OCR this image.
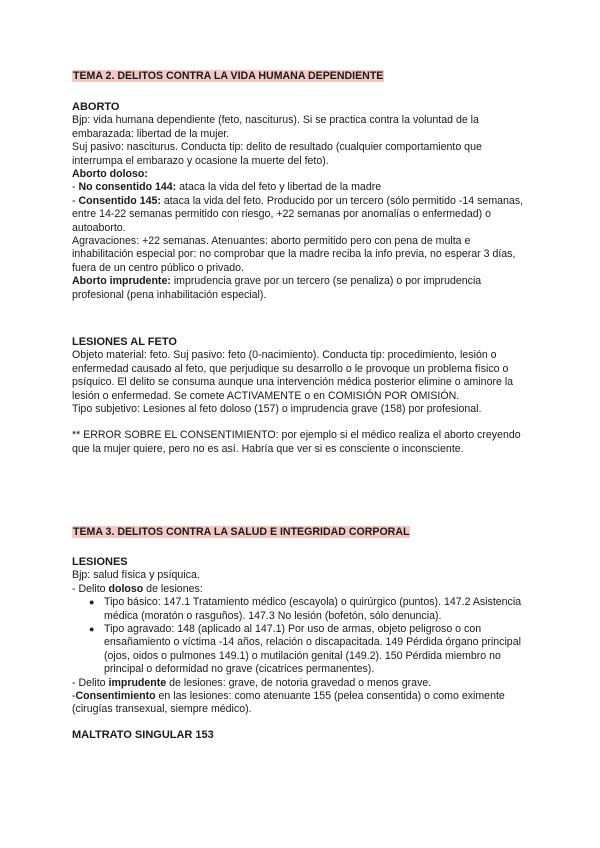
TEMA 2. DELITOS CONTRA LA VIDA HUMANA DEPENDIENTE

ABORTO

Bjp: vida humana dependiente (feto, nasciturus). Si se practica contra la voluntad de la embarazada: libertad de la mujer.

Suj pasivo: nasciturus. Conducta tip: delito de resultado (cualquier comportamiento que interrumpa el embarazo y ocasione la muerte del feto).

Aborto doloso:

- No consentido 144: ataca la vida del feto y libertad de la madre

- Consentido 145: ataca la vida del feto. Producido por un tercero (sólo permitido -14 semanas, entre 14-22 semanas permitido con riesgo, +22 semanas por anomalías o enfermedad) o autoaborto.

Agravaciones: +22 semanas. Atenuantes: aborto permitido pero con pena de multa e inhabilitación especial por: no comprobar que la madre reciba la info previa, no esperar 3 días, fuera de un centro público o privado.

Aborto imprudente: imprudencia grave por un tercero (se penaliza) o por imprudencia profesional (pena inhabilitación especial).

LESIONES AL FETO

Objeto material: feto. Suj pasivo: feto (0-nacimiento). Conducta tip: procedimiento, lesión o enfermedad causado al feto, que perjudique su desarrollo o le provoque un problema físico o psíquico. El delito se consuma aunque una intervención médica posterior elimine o aminore la lesión o enfermedad. Se comete ACTIVAMENTE o en COMISIÓN POR OMISIÓN.

Tipo subjetivo: Lesiones al feto doloso (157) o imprudencia grave (158) por profesional.

** ERROR SOBRE EL CONSENTIMIENTO: por ejemplo si el médico realiza el aborto creyendo que la mujer quiere, pero no es así. Habría que ver si es consciente o inconsciente.

TEMA 3. DELITOS CONTRA LA SALUD E INTEGRIDAD CORPORAL

LESIONES

Bjp: salud física y psíquica.

- Delito doloso de lesiones:

● Tipo básico: 147.1 Tratamiento médico (escayola) o quirúrgico (puntos). 147.2 Asistencia médica (moratón o rasguños). 147.3 No lesión (bofetón, sólo denuncia).
● Tipo agravado: 148 (aplicado al 147.1) Por uso de armas, objeto peligroso o con ensañamiento o víctima -14 años, relación o discapacitada. 149 Pérdida órgano principal (ojos, oidos o pulmones 149.1) o mutilación genital (149.2). 150 Pérdida miembro no principal o deformidad no grave (cicatrices permanentes).

- Delito imprudente de lesiones: grave, de notoria gravedad o menos grave.

-Consentimiento en las lesiones: como atenuante 155 (pelea consentida) o como eximente (cirugías transexual, siempre médico).

MALTRATO SINGULAR 153
